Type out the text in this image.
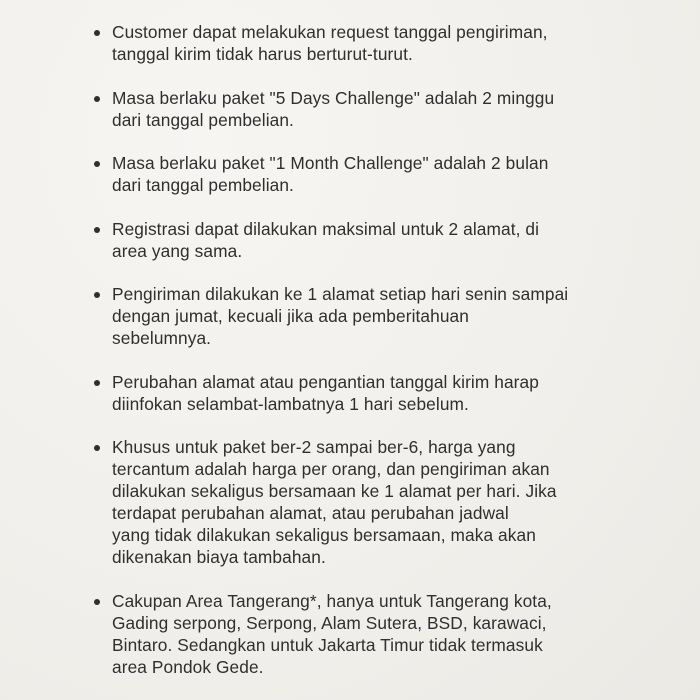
Customer dapat melakukan request tanggal pengiriman,
tanggal kirim tidak harus berturut-turut.
Masa berlaku paket "5 Days Challenge" adalah 2 minggu
dari tanggal pembelian.
Masa berlaku paket "1 Month Challenge" adalah 2 bulan
dari tanggal pembelian.
Registrasi dapat dilakukan maksimal untuk 2 alamat, di
area yang sama.
Pengiriman dilakukan ke 1 alamat setiap hari senin sampai
dengan jumat, kecuali jika ada pemberitahuan
sebelumnya.
Perubahan alamat atau pengantian tanggal kirim harap
diinfokan selambat-lambatnya 1 hari sebelum.
Khusus untuk paket ber-2 sampai ber-6, harga yang
tercantum adalah harga per orang, dan pengiriman akan
dilakukan sekaligus bersamaan ke 1 alamat per hari. Jika
terdapat perubahan alamat, atau perubahan jadwal
yang tidak dilakukan sekaligus bersamaan, maka akan
dikenakan biaya tambahan.
Cakupan Area Tangerang*, hanya untuk Tangerang kota,
Gading serpong, Serpong, Alam Sutera, BSD, karawaci,
Bintaro. Sedangkan untuk Jakarta Timur tidak termasuk
area Pondok Gede.
